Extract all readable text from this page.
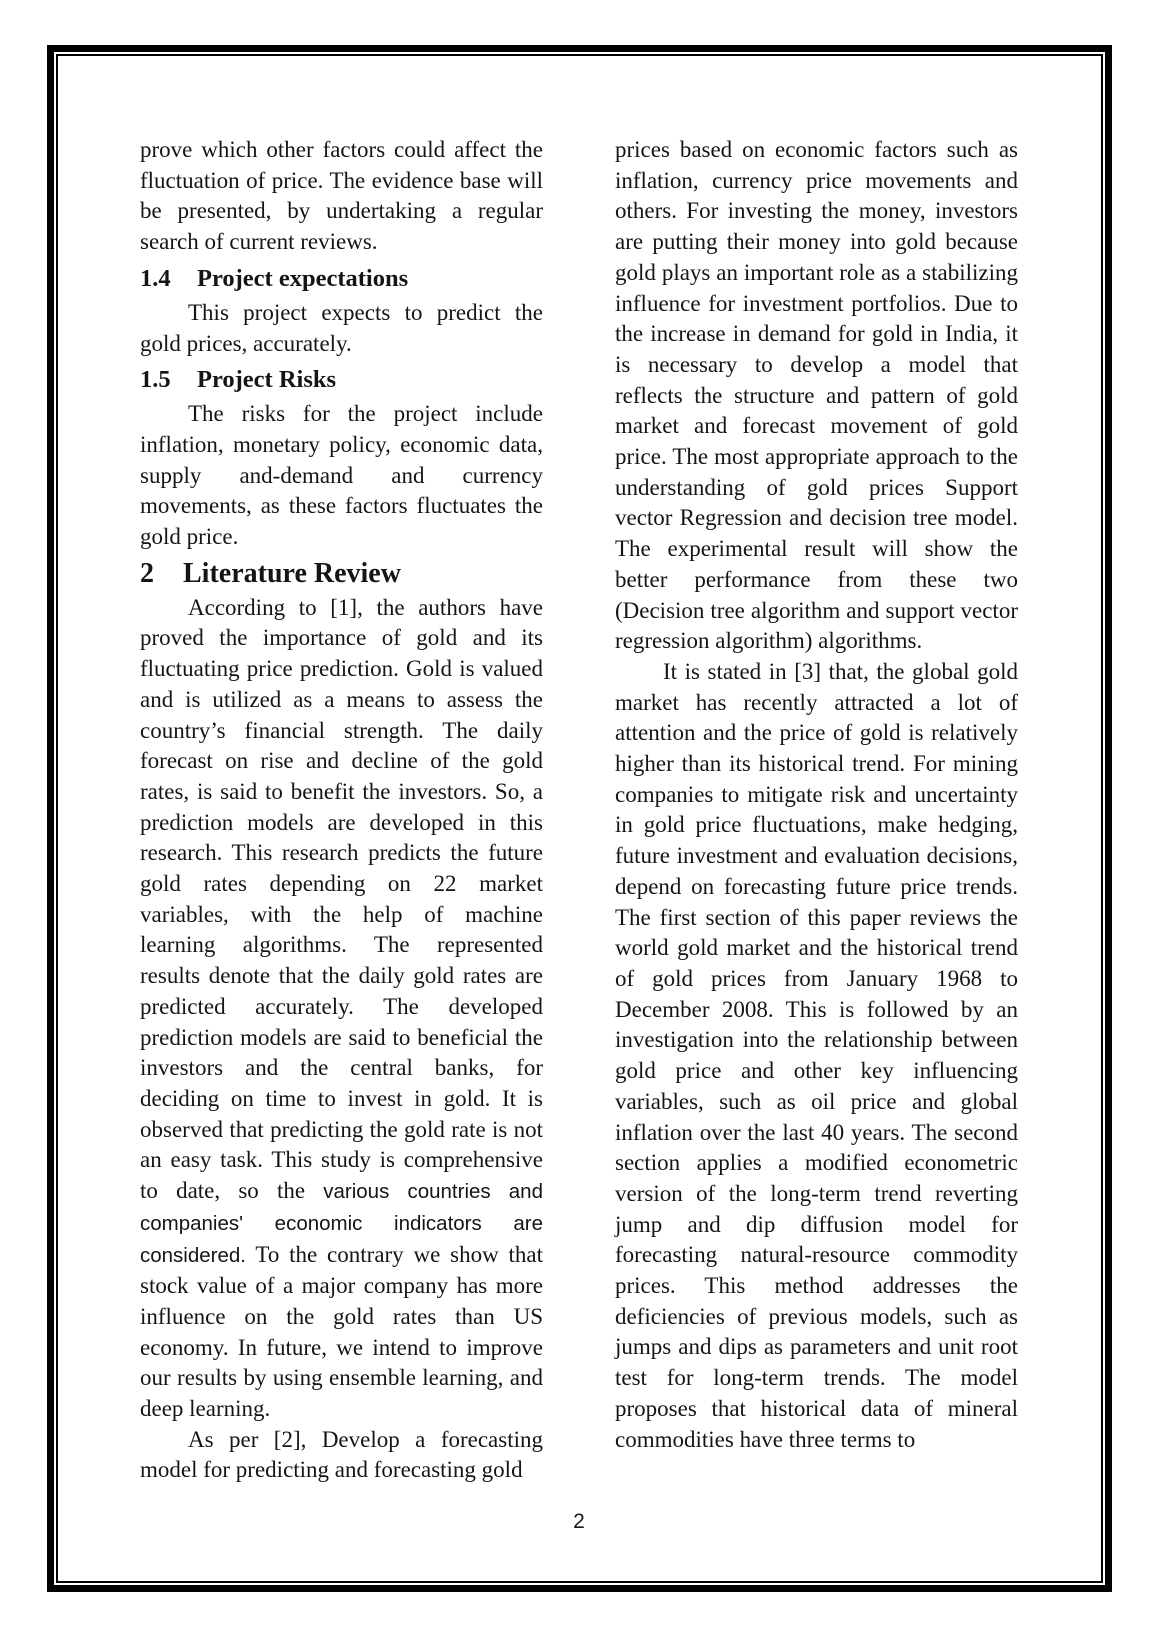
prove which other factors could affect the fluctuation of price. The evidence base will be presented, by undertaking a regular search of current reviews.

1.4	Project expectations

This project expects to predict the gold prices, accurately.

1.5	Project Risks

The risks for the project include inflation, monetary policy, economic data, supply and-demand and currency movements, as these factors fluctuates the gold price.

2	Literature Review

According to [1], the authors have proved the importance of gold and its fluctuating price prediction. Gold is valued and is utilized as a means to assess the country’s financial strength. The daily forecast on rise and decline of the gold rates, is said to benefit the investors. So, a prediction models are developed in this research. This research predicts the future gold rates depending on 22 market variables, with the help of machine learning algorithms. The represented results denote that the daily gold rates are predicted accurately. The developed prediction models are said to beneficial the investors and the central banks, for deciding on time to invest in gold. It is observed that predicting the gold rate is not an easy task. This study is comprehensive to date, so the various countries and companies' economic indicators are considered. To the contrary we show that stock value of a major company has more influence on the gold rates than US economy. In future, we intend to improve our results by using ensemble learning, and deep learning.

As per [2], Develop a forecasting model for predicting and forecasting gold

prices based on economic factors such as inflation, currency price movements and others. For investing the money, investors are putting their money into gold because gold plays an important role as a stabilizing influence for investment portfolios. Due to the increase in demand for gold in India, it is necessary to develop a model that reflects the structure and pattern of gold market and forecast movement of gold price. The most appropriate approach to the understanding of gold prices Support vector Regression and decision tree model. The experimental result will show the better performance from these two (Decision tree algorithm and support vector regression algorithm) algorithms.

It is stated in [3] that, the global gold market has recently attracted a lot of attention and the price of gold is relatively higher than its historical trend. For mining companies to mitigate risk and uncertainty in gold price fluctuations, make hedging, future investment and evaluation decisions, depend on forecasting future price trends. The first section of this paper reviews the world gold market and the historical trend of gold prices from January 1968 to December 2008. This is followed by an investigation into the relationship between gold price and other key influencing variables, such as oil price and global inflation over the last 40 years. The second section applies a modified econometric version of the long-term trend reverting jump and dip diffusion model for forecasting natural-resource commodity prices. This method addresses the deficiencies of previous models, such as jumps and dips as parameters and unit root test for long-term trends. The model proposes that historical data of mineral commodities have three terms to

2
